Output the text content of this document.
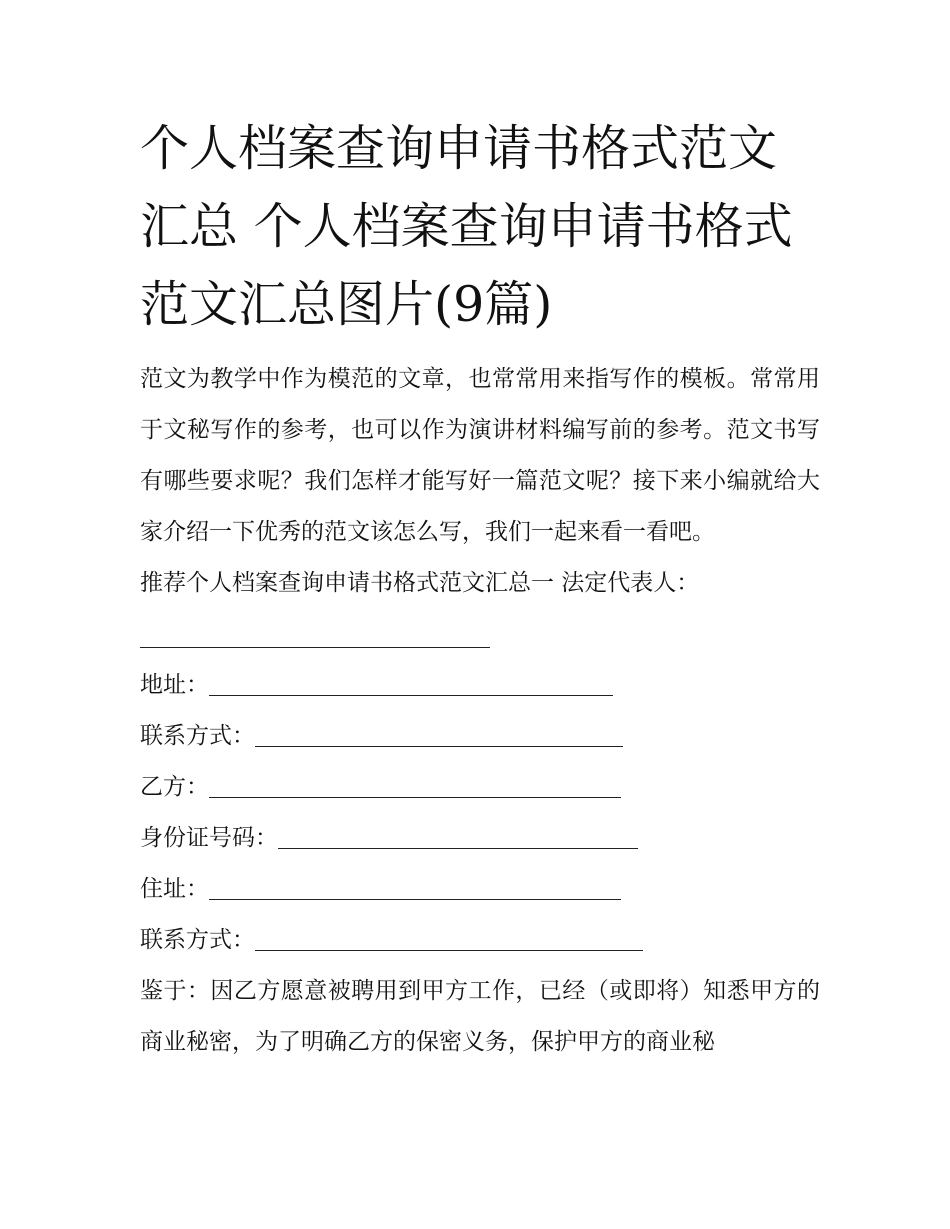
个人档案查询申请书格式范文汇总 个人档案查询申请书格式范文汇总图片(9篇)

范文为教学中作为模范的文章，也常常用来指写作的模板。常常用于文秘写作的参考，也可以作为演讲材料编写前的参考。范文书写有哪些要求呢？我们怎样才能写好一篇范文呢？接下来小编就给大家介绍一下优秀的范文该怎么写，我们一起来看一看吧。

推荐个人档案查询申请书格式范文汇总一 法定代表人：

地址：
联系方式：
乙方：
身份证号码：
住址：
联系方式：

鉴于：因乙方愿意被聘用到甲方工作，已经（或即将）知悉甲方的商业秘密，为了明确乙方的保密义务，保护甲方的商业秘
